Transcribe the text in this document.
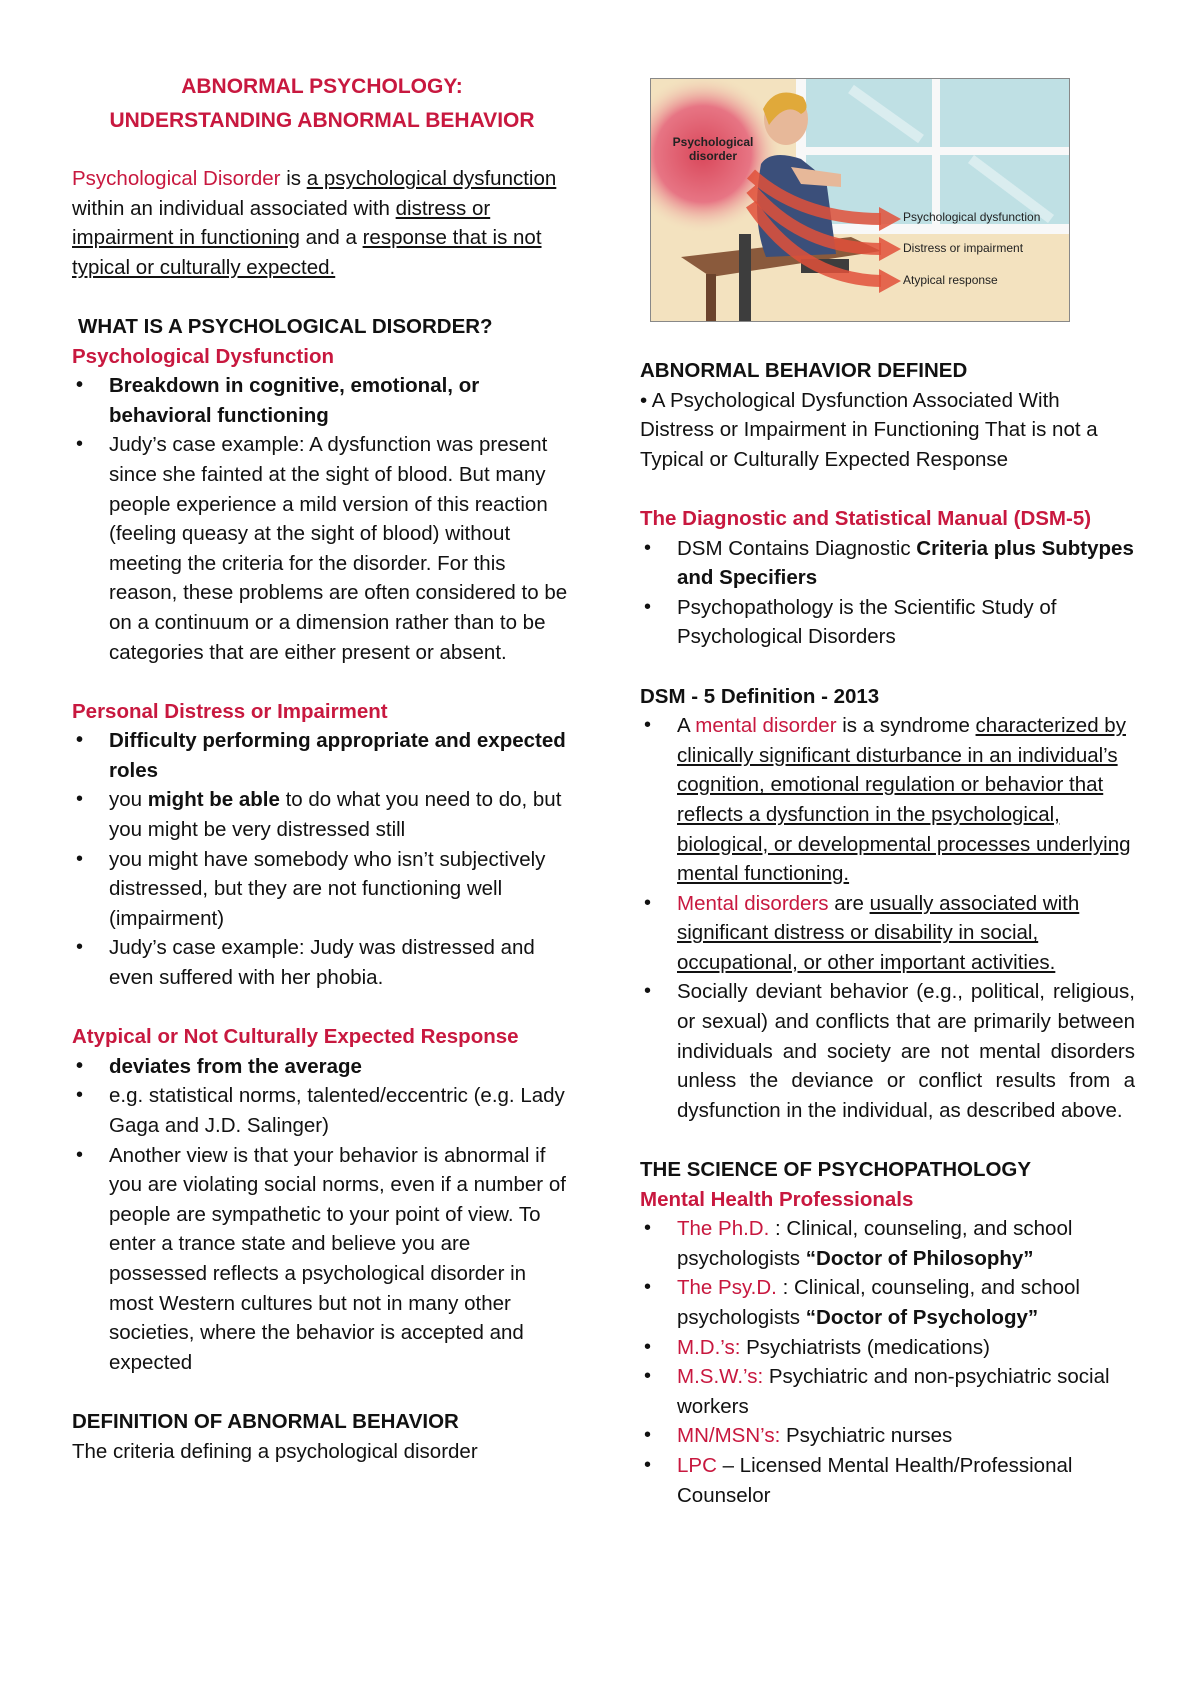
ABNORMAL PSYCHOLOGY:
UNDERSTANDING ABNORMAL BEHAVIOR

Psychological Disorder is a psychological dysfunction within an individual associated with distress or impairment in functioning and a response that is not typical or culturally expected.

WHAT IS A PSYCHOLOGICAL DISORDER?
Psychological Dysfunction
• Breakdown in cognitive, emotional, or behavioral functioning
• Judy’s case example: A dysfunction was present since she fainted at the sight of blood. But many people experience a mild version of this reaction (feeling queasy at the sight of blood) without meeting the criteria for the disorder. For this reason, these problems are often considered to be on a continuum or a dimension rather than to be categories that are either present or absent.
Personal Distress or Impairment
• Difficulty performing appropriate and expected roles
• you might be able to do what you need to do, but you might be very distressed still
• you might have somebody who isn’t subjectively distressed, but they are not functioning well (impairment)
• Judy’s case example: Judy was distressed and even suffered with her phobia.
Atypical or Not Culturally Expected Response
• deviates from the average
• e.g. statistical norms, talented/eccentric (e.g. Lady Gaga and J.D. Salinger)
• Another view is that your behavior is abnormal if you are violating social norms, even if a number of people are sympathetic to your point of view. To enter a trance state and believe you are possessed reflects a psychological disorder in most Western cultures but not in many other societies, where the behavior is accepted and expected
DEFINITION OF ABNORMAL BEHAVIOR

The criteria defining a psychological disorder

Psychological disorder
Psychological dysfunction
Distress or impairment
Atypical response
ABNORMAL BEHAVIOR DEFINED

• A Psychological Dysfunction Associated With Distress or Impairment in Functioning That is not a Typical or Culturally Expected Response

The Diagnostic and Statistical Manual (DSM-5)
• DSM Contains Diagnostic Criteria plus Subtypes and Specifiers
• Psychopathology is the Scientific Study of Psychological Disorders
DSM - 5 Definition - 2013
• A mental disorder is a syndrome characterized by clinically significant disturbance in an individual’s cognition, emotional regulation or behavior that reflects a dysfunction in the psychological, biological, or developmental processes underlying mental functioning.
• Mental disorders are usually associated with significant distress or disability in social, occupational, or other important activities.
• Socially deviant behavior (e.g., political, religious, or sexual) and conflicts that are primarily between individuals and society are not mental disorders unless the deviance or conflict results from a dysfunction in the individual, as described above.
THE SCIENCE OF PSYCHOPATHOLOGY
Mental Health Professionals
• The Ph.D. : Clinical, counseling, and school psychologists “Doctor of Philosophy”
• The Psy.D. : Clinical, counseling, and school psychologists “Doctor of Psychology”
• M.D.’s: Psychiatrists (medications)
• M.S.W.’s: Psychiatric and non-psychiatric social workers
• MN/MSN’s: Psychiatric nurses
• LPC – Licensed Mental Health/Professional Counselor
